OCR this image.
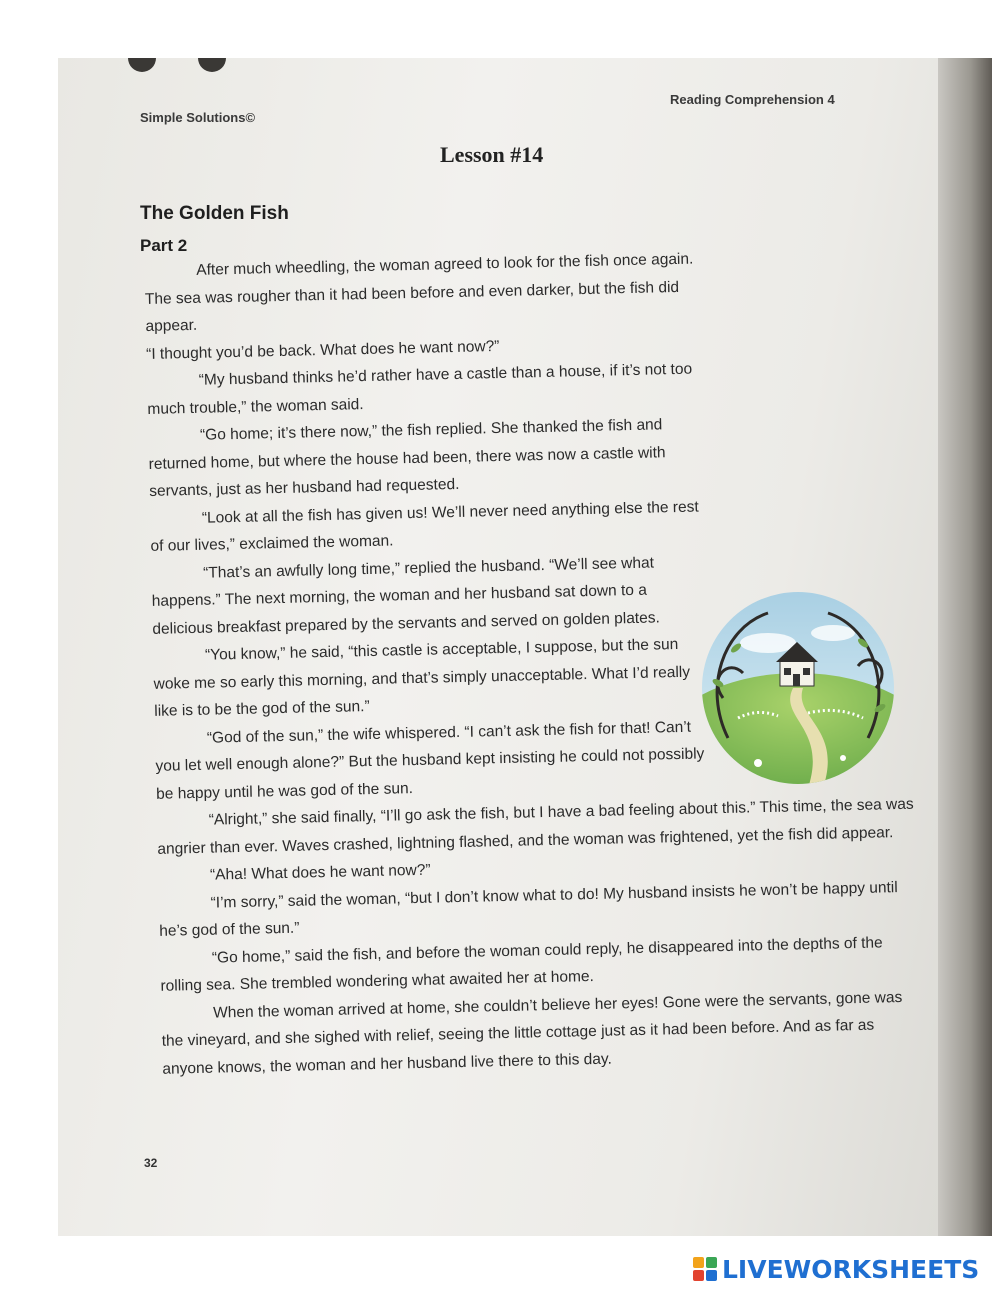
Simple Solutions©
Reading Comprehension 4
Lesson #14
The Golden Fish
Part 2

After much wheedling, the woman agreed to look for the fish once again. The sea was rougher than it had been before and even darker, but the fish did appear.

“I thought you’d be back. What does he want now?”

“My husband thinks he’d rather have a castle than a house, if it’s not too much trouble,” the woman said.

“Go home; it’s there now,” the fish replied. She thanked the fish and returned home, but where the house had been, there was now a castle with servants, just as her husband had requested.

“Look at all the fish has given us! We’ll never need anything else the rest of our lives,” exclaimed the woman.

“That’s an awfully long time,” replied the husband. “We’ll see what happens.” The next morning, the woman and her husband sat down to a delicious breakfast prepared by the servants and served on golden plates.

“You know,” he said, “this castle is acceptable, I suppose, but the sun woke me so early this morning, and that’s simply unacceptable. What I’d really like is to be the god of the sun.”

“God of the sun,” the wife whispered. “I can’t ask the fish for that! Can’t you let well enough alone?” But the husband kept insisting he could not possibly be happy until he was god of the sun.

“Alright,” she said finally, “I’ll go ask the fish, but I have a bad feeling about this.” This time, the sea was angrier than ever. Waves crashed, lightning flashed, and the woman was frightened, yet the fish did appear.

“Aha! What does he want now?”

“I’m sorry,” said the woman, “but I don’t know what to do! My husband insists he won’t be happy until he’s god of the sun.”

“Go home,” said the fish, and before the woman could reply, he disappeared into the depths of the rolling sea. She trembled wondering what awaited her at home.

When the woman arrived at home, she couldn’t believe her eyes! Gone were the servants, gone was the vineyard, and she sighed with relief, seeing the little cottage just as it had been before. And as far as anyone knows, the woman and her husband live there to this day.

32
LIVEWORKSHEETS
